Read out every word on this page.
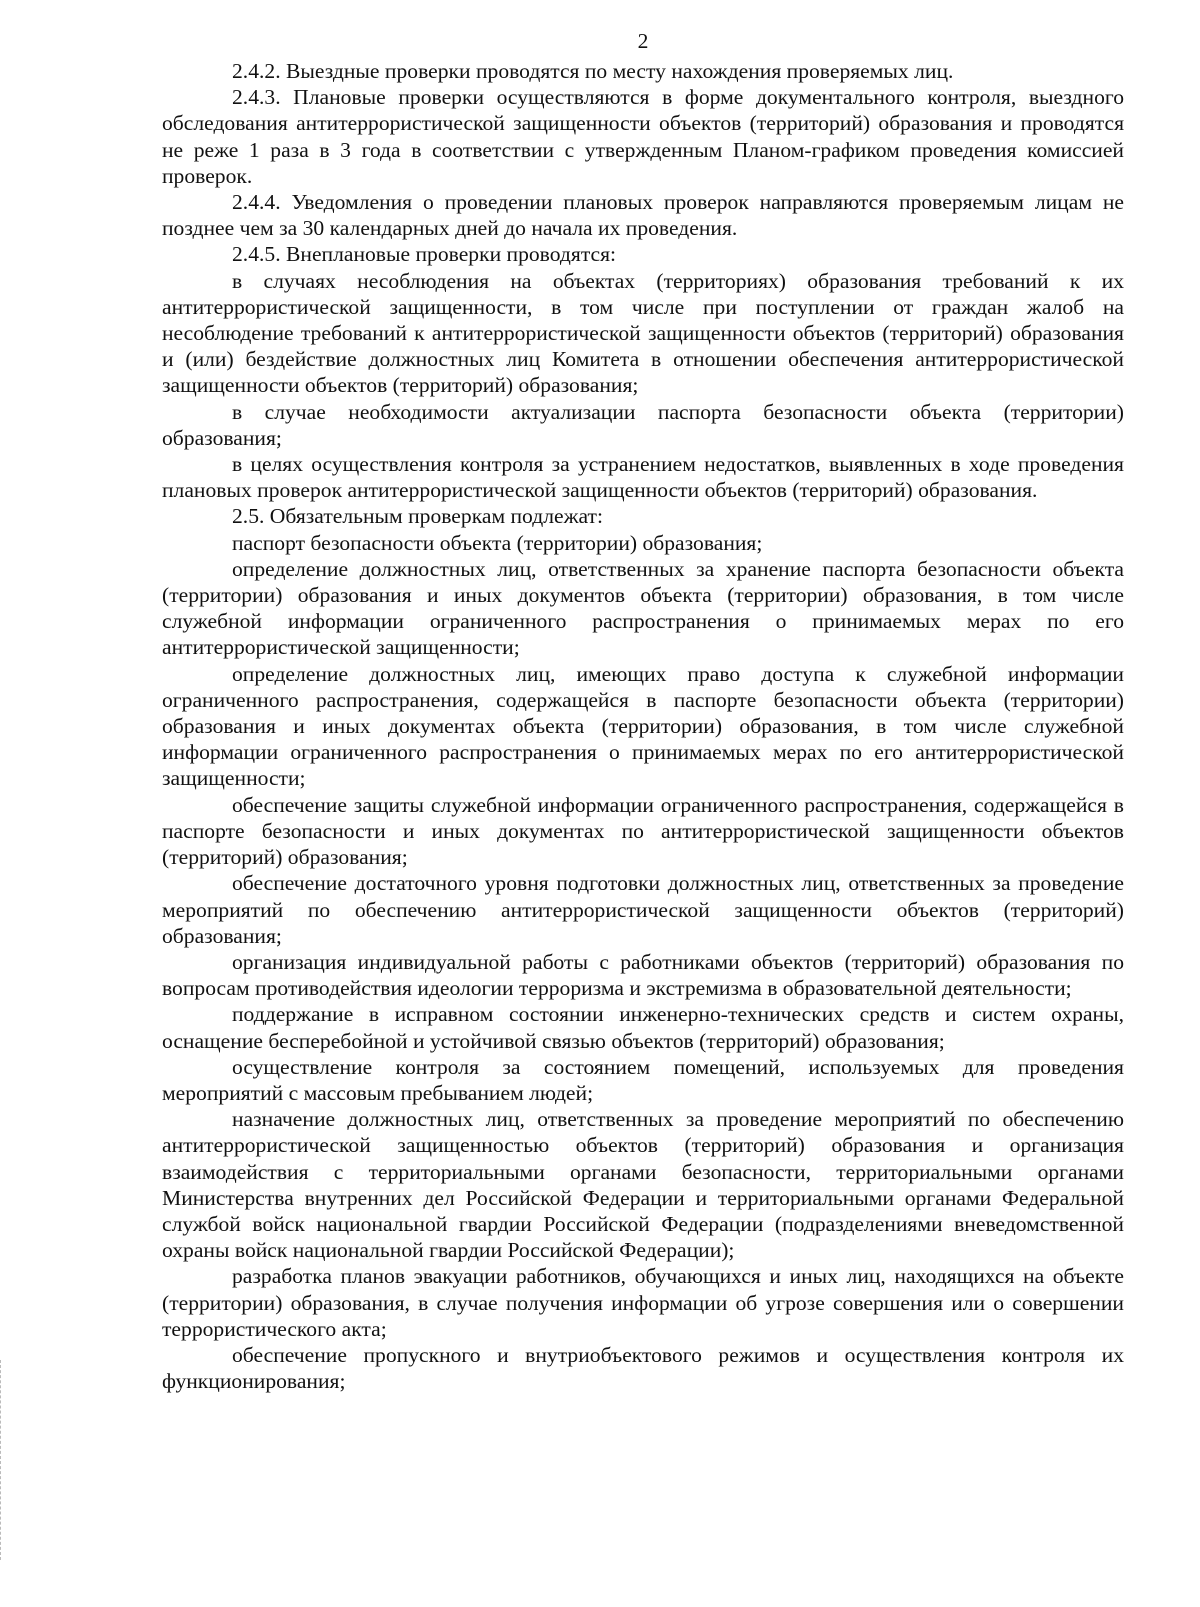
2

2.4.2. Выездные проверки проводятся по месту нахождения проверяемых лиц.

2.4.3. Плановые проверки осуществляются в форме документального контроля, выездного обследования антитеррористической защищенности объектов (территорий) образования и проводятся не реже 1 раза в 3 года в соответствии с утвержденным Планом-графиком проведения комиссией проверок.

2.4.4. Уведомления о проведении плановых проверок направляются проверяемым лицам не позднее чем за 30 календарных дней до начала их проведения.

2.4.5. Внеплановые проверки проводятся:

в случаях несоблюдения на объектах (территориях) образования требований к их антитеррористической защищенности, в том числе при поступлении от граждан жалоб на несоблюдение требований к антитеррористической защищенности объектов (территорий) образования и (или) бездействие должностных лиц Комитета в отношении обеспечения антитеррористической защищенности объектов (территорий) образования;

в случае необходимости актуализации паспорта безопасности объекта (территории) образования;

в целях осуществления контроля за устранением недостатков, выявленных в ходе проведения плановых проверок антитеррористической защищенности объектов (территорий) образования.

2.5. Обязательным проверкам подлежат:

паспорт безопасности объекта (территории) образования;

определение должностных лиц, ответственных за хранение паспорта безопасности объекта (территории) образования и иных документов объекта (территории) образования, в том числе служебной информации ограниченного распространения о принимаемых мерах по его антитеррористической защищенности;

определение должностных лиц, имеющих право доступа к служебной информации ограниченного распространения, содержащейся в паспорте безопасности объекта (территории) образования и иных документах объекта (территории) образования, в том числе служебной информации ограниченного распространения о принимаемых мерах по его антитеррористической защищенности;

обеспечение защиты служебной информации ограниченного распространения, содержащейся в паспорте безопасности и иных документах по антитеррористической защищенности объектов (территорий) образования;

обеспечение достаточного уровня подготовки должностных лиц, ответственных за проведение мероприятий по обеспечению антитеррористической защищенности объектов (территорий) образования;

организация индивидуальной работы с работниками объектов (территорий) образования по вопросам противодействия идеологии терроризма и экстремизма в образовательной деятельности;

поддержание в исправном состоянии инженерно-технических средств и систем охраны, оснащение бесперебойной и устойчивой связью объектов (территорий) образования;

осуществление контроля за состоянием помещений, используемых для проведения мероприятий с массовым пребыванием людей;

назначение должностных лиц, ответственных за проведение мероприятий по обеспечению антитеррористической защищенностью объектов (территорий) образования и организация взаимодействия с территориальными органами безопасности, территориальными органами Министерства внутренних дел Российской Федерации и территориальными органами Федеральной службой войск национальной гвардии Российской Федерации (подразделениями вневедомственной охраны войск национальной гвардии Российской Федерации);

разработка планов эвакуации работников, обучающихся и иных лиц, находящихся на объекте (территории) образования, в случае получения информации об угрозе совершения или о совершении террористического акта;

обеспечение пропускного и внутриобъектового режимов и осуществления контроля их функционирования;
